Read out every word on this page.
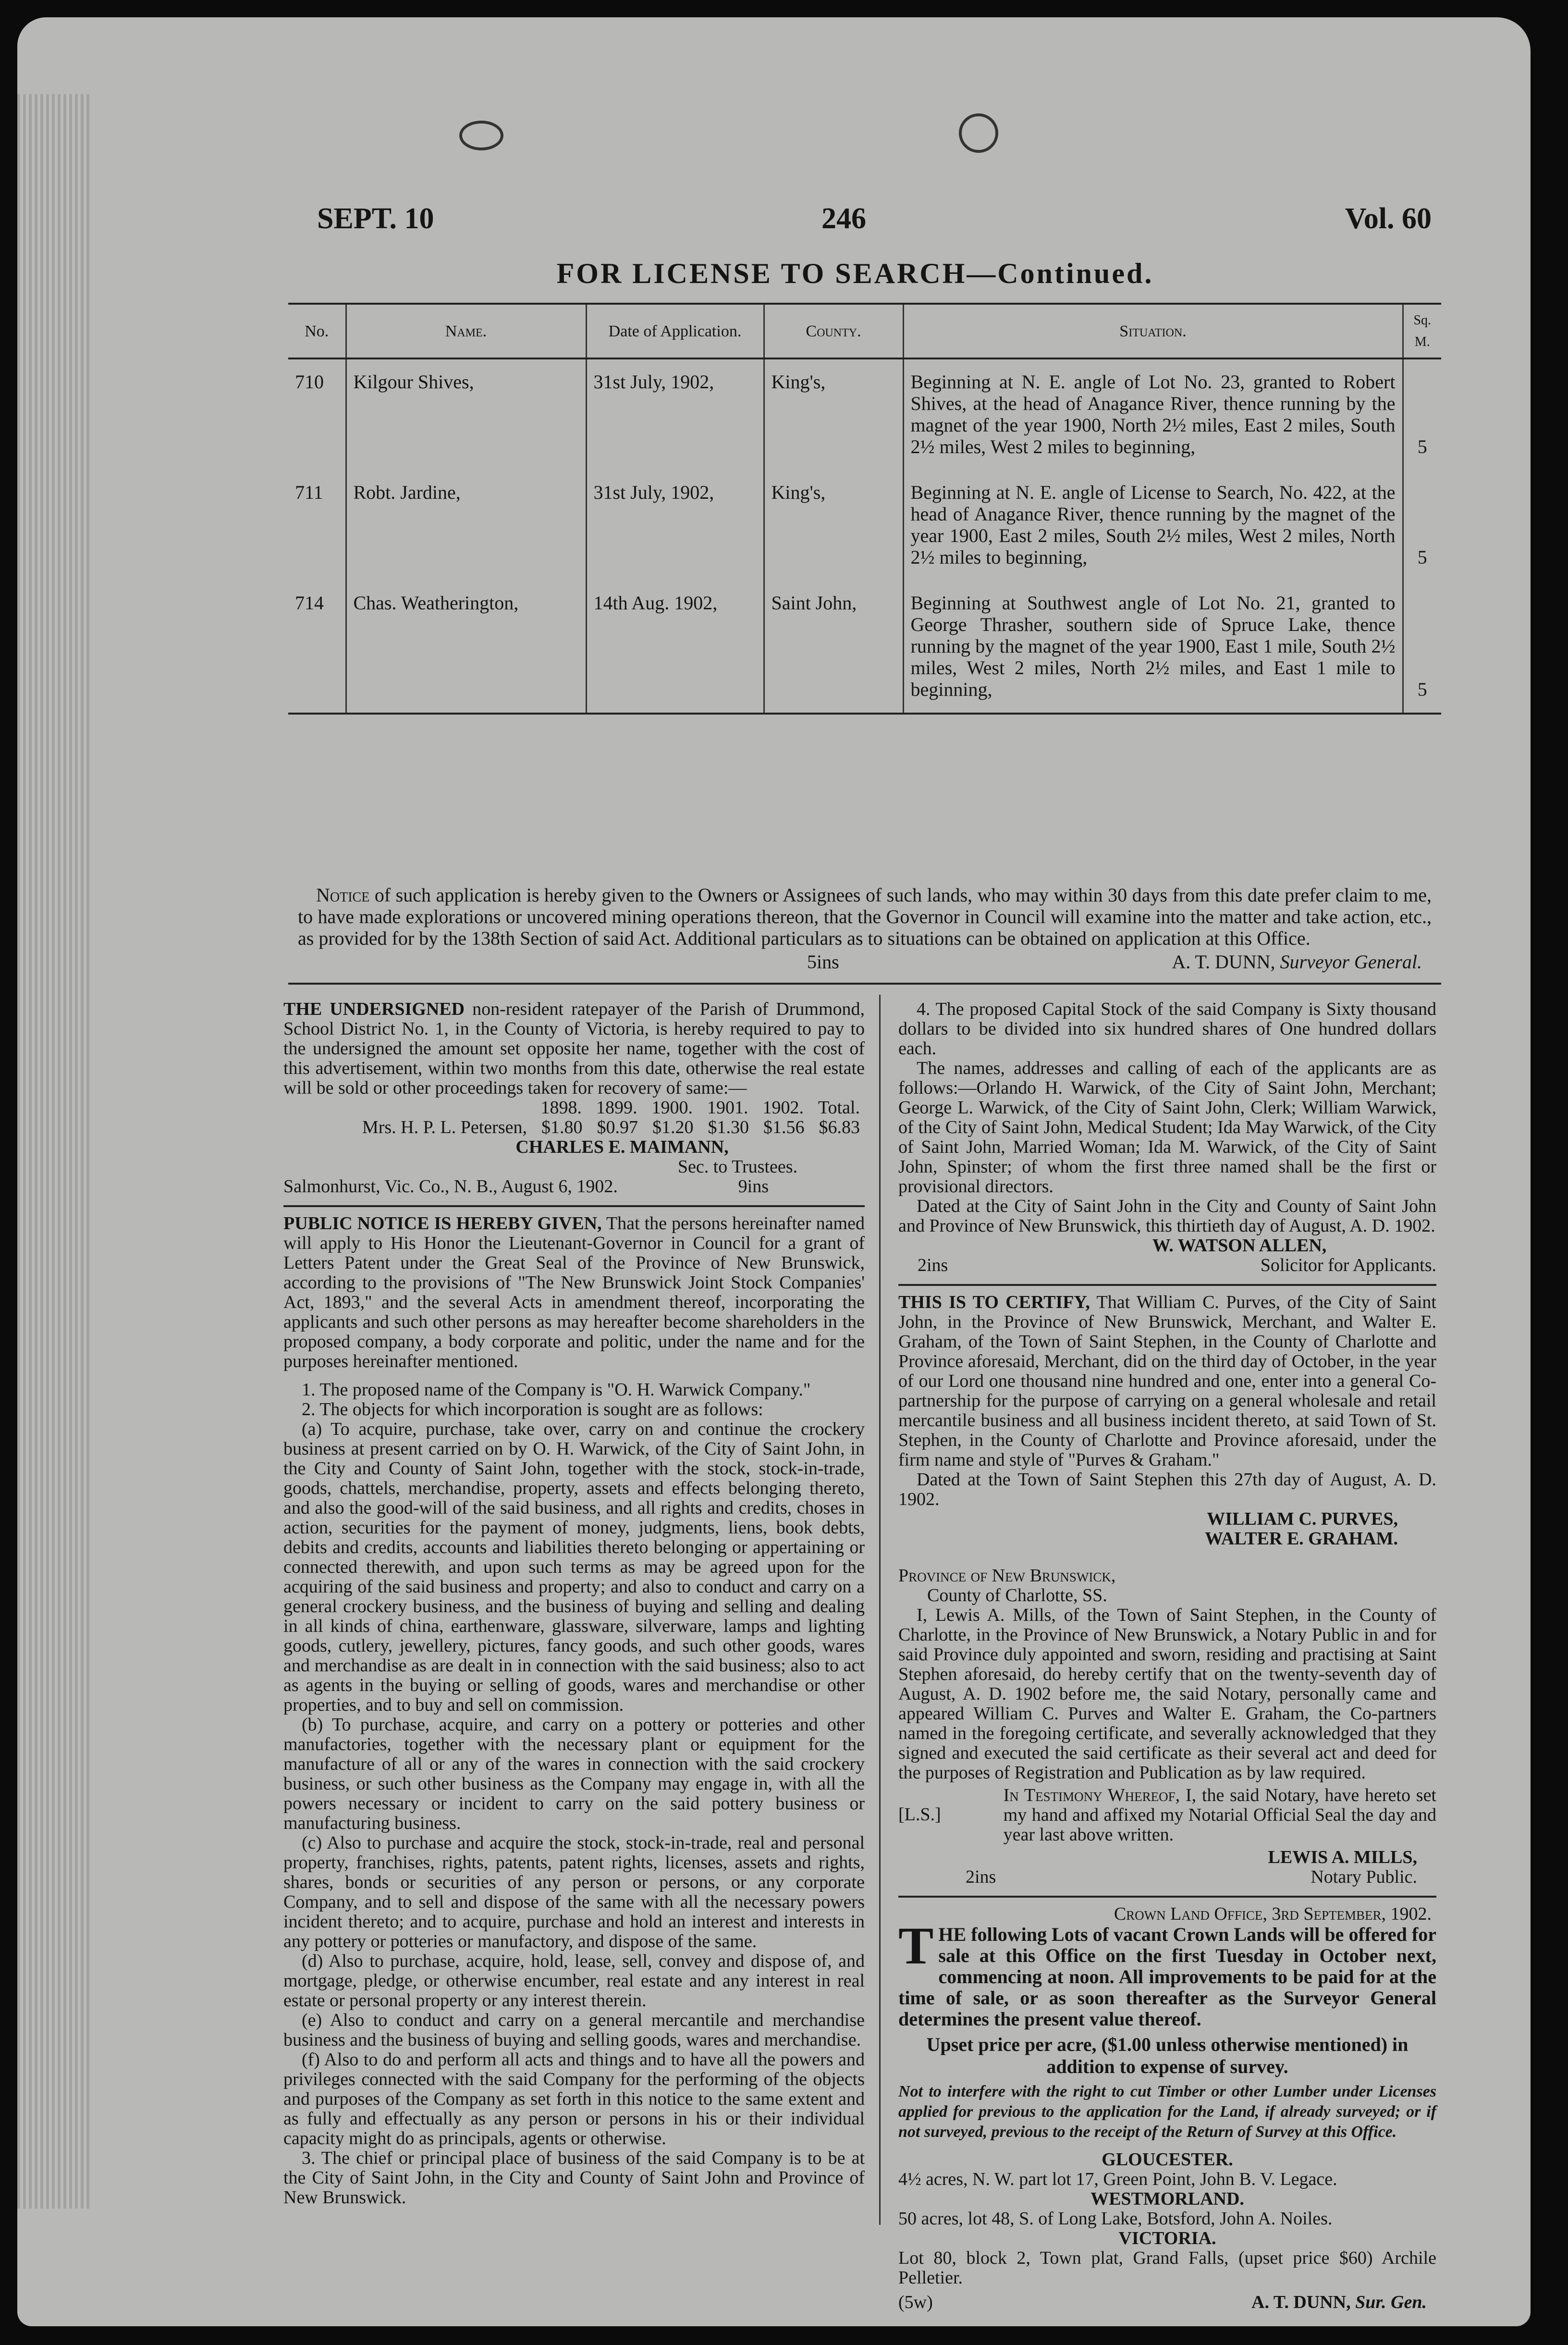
SEPT. 10	246	Vol. 60
FOR LICENSE TO SEARCH—Continued.
No.	Name.	Date of Application.	County.	Situation.	Sq. M.
710	Kilgour Shives,	31st July, 1902,	King's,	Beginning at N. E. angle of Lot No. 23, granted to Robert Shives, at the head of Anagance River, thence running by the magnet of the year 1900, North 2½ miles, East 2 miles, South 2½ miles, West 2 miles to beginning,	5
711	Robt. Jardine,	31st July, 1902,	King's,	Beginning at N. E. angle of License to Search, No. 422, at the head of Anagance River, thence running by the magnet of the year 1900, East 2 miles, South 2½ miles, West 2 miles, North 2½ miles to beginning,	5
714	Chas. Weatherington,	14th Aug. 1902,	Saint John,	Beginning at Southwest angle of Lot No. 21, granted to George Thrasher, southern side of Spruce Lake, thence running by the magnet of the year 1900, East 1 mile, South 2½ miles, West 2 miles, North 2½ miles, and East 1 mile to beginning,	5
Notice of such application is hereby given to the Owners or Assignees of such lands, who may within 30 days from this date prefer claim to me, to have made explorations or uncovered mining operations thereon, that the Governor in Council will examine into the matter and take action, etc., as provided for by the 138th Section of said Act. Additional particulars as to situations can be obtained on application at this Office.
5ins	A. T. DUNN, Surveyor General.
THE UNDERSIGNED non-resident ratepayer of the Parish of Drummond, School District No. 1, in the County of Victoria, is hereby required to pay to the undersigned the amount set opposite her name, together with the cost of this advertisement, within two months from this date, otherwise the real estate will be sold or other proceedings taken for recovery of same:—
1898. 1899. 1900. 1901. 1902. Total.
Mrs. H. P. L. Petersen, $1.80 $0.97 $1.20 $1.30 $1.56 $6.83
CHARLES E. MAIMANN,
Sec. to Trustees.
Salmonhurst, Vic. Co., N. B., August 6, 1902.	9ins
PUBLIC NOTICE IS HEREBY GIVEN, That the persons hereinafter named will apply to His Honor the Lieutenant-Governor in Council for a grant of Letters Patent under the Great Seal of the Province of New Brunswick, according to the provisions of "The New Brunswick Joint Stock Companies' Act, 1893," and the several Acts in amendment thereof, incorporating the applicants and such other persons as may hereafter become shareholders in the proposed company, a body corporate and politic, under the name and for the purposes hereinafter mentioned.
1. The proposed name of the Company is "O. H. Warwick Company."
2. The objects for which incorporation is sought are as follows:
(a) To acquire, purchase, take over, carry on and continue the crockery business at present carried on by O. H. Warwick, of the City of Saint John, in the City and County of Saint John, together with the stock, stock-in-trade, goods, chattels, merchandise, property, assets and effects belonging thereto, and also the good-will of the said business, and all rights and credits, choses in action, securities for the payment of money, judgments, liens, book debts, debits and credits, accounts and liabilities thereto belonging or appertaining or connected therewith, and upon such terms as may be agreed upon for the acquiring of the said business and property; and also to conduct and carry on a general crockery business, and the business of buying and selling and dealing in all kinds of china, earthenware, glassware, silverware, lamps and lighting goods, cutlery, jewellery, pictures, fancy goods, and such other goods, wares and merchandise as are dealt in in connection with the said business; also to act as agents in the buying or selling of goods, wares and merchandise or other properties, and to buy and sell on commission.
(b) To purchase, acquire, and carry on a pottery or potteries and other manufactories, together with the necessary plant or equipment for the manufacture of all or any of the wares in connection with the said crockery business, or such other business as the Company may engage in, with all the powers necessary or incident to carry on the said pottery business or manufacturing business.
(c) Also to purchase and acquire the stock, stock-in-trade, real and personal property, franchises, rights, patents, patent rights, licenses, assets and rights, shares, bonds or securities of any person or persons, or any corporate Company, and to sell and dispose of the same with all the necessary powers incident thereto; and to acquire, purchase and hold an interest and interests in any pottery or potteries or manufactory, and dispose of the same.
(d) Also to purchase, acquire, hold, lease, sell, convey and dispose of, and mortgage, pledge, or otherwise encumber, real estate and any interest in real estate or personal property or any interest therein.
(e) Also to conduct and carry on a general mercantile and merchandise business and the business of buying and selling goods, wares and merchandise.
(f) Also to do and perform all acts and things and to have all the powers and privileges connected with the said Company for the performing of the objects and purposes of the Company as set forth in this notice to the same extent and as fully and effectually as any person or persons in his or their individual capacity might do as principals, agents or otherwise.
3. The chief or principal place of business of the said Company is to be at the City of Saint John, in the City and County of Saint John and Province of New Brunswick.
4. The proposed Capital Stock of the said Company is Sixty thousand dollars to be divided into six hundred shares of One hundred dollars each.
The names, addresses and calling of each of the applicants are as follows:—Orlando H. Warwick, of the City of Saint John, Merchant; George L. Warwick, of the City of Saint John, Clerk; William Warwick, of the City of Saint John, Medical Student; Ida May Warwick, of the City of Saint John, Married Woman; Ida M. Warwick, of the City of Saint John, Spinster; of whom the first three named shall be the first or provisional directors.
Dated at the City of Saint John in the City and County of Saint John and Province of New Brunswick, this thirtieth day of August, A. D. 1902.
W. WATSON ALLEN,
2ins	Solicitor for Applicants.
THIS IS TO CERTIFY, That William C. Purves, of the City of Saint John, in the Province of New Brunswick, Merchant, and Walter E. Graham, of the Town of Saint Stephen, in the County of Charlotte and Province aforesaid, Merchant, did on the third day of October, in the year of our Lord one thousand nine hundred and one, enter into a general Co-partnership for the purpose of carrying on a general wholesale and retail mercantile business and all business incident thereto, at said Town of St. Stephen, in the County of Charlotte and Province aforesaid, under the firm name and style of "Purves & Graham."
Dated at the Town of Saint Stephen this 27th day of August, A. D. 1902.
WILLIAM C. PURVES,
WALTER E. GRAHAM.
Province of New Brunswick,
County of Charlotte, SS.
I, Lewis A. Mills, of the Town of Saint Stephen, in the County of Charlotte, in the Province of New Brunswick, a Notary Public in and for said Province duly appointed and sworn, residing and practising at Saint Stephen aforesaid, do hereby certify that on the twenty-seventh day of August, A. D. 1902 before me, the said Notary, personally came and appeared William C. Purves and Walter E. Graham, the Co-partners named in the foregoing certificate, and severally acknowledged that they signed and executed the said certificate as their several act and deed for the purposes of Registration and Publication as by law required.
[L.S.]
In Testimony Whereof, I, the said Notary, have hereto set my hand and affixed my Notarial Official Seal the day and year last above written.
LEWIS A. MILLS,
2ins	Notary Public.
Crown Land Office, 3rd September, 1902.
THE following Lots of vacant Crown Lands will be offered for sale at this Office on the first Tuesday in October next, commencing at noon. All improvements to be paid for at the time of sale, or as soon thereafter as the Surveyor General determines the present value thereof.
Upset price per acre, ($1.00 unless otherwise mentioned) in addition to expense of survey.
Not to interfere with the right to cut Timber or other Lumber under Licenses applied for previous to the application for the Land, if already surveyed; or if not surveyed, previous to the receipt of the Return of Survey at this Office.
GLOUCESTER.
4½ acres, N. W. part lot 17, Green Point, John B. V. Legace.
WESTMORLAND.
50 acres, lot 48, S. of Long Lake, Botsford, John A. Noiles.
VICTORIA.
Lot 80, block 2, Town plat, Grand Falls, (upset price $60) Archile Pelletier.
(5w)	A. T. DUNN, Sur. Gen.
